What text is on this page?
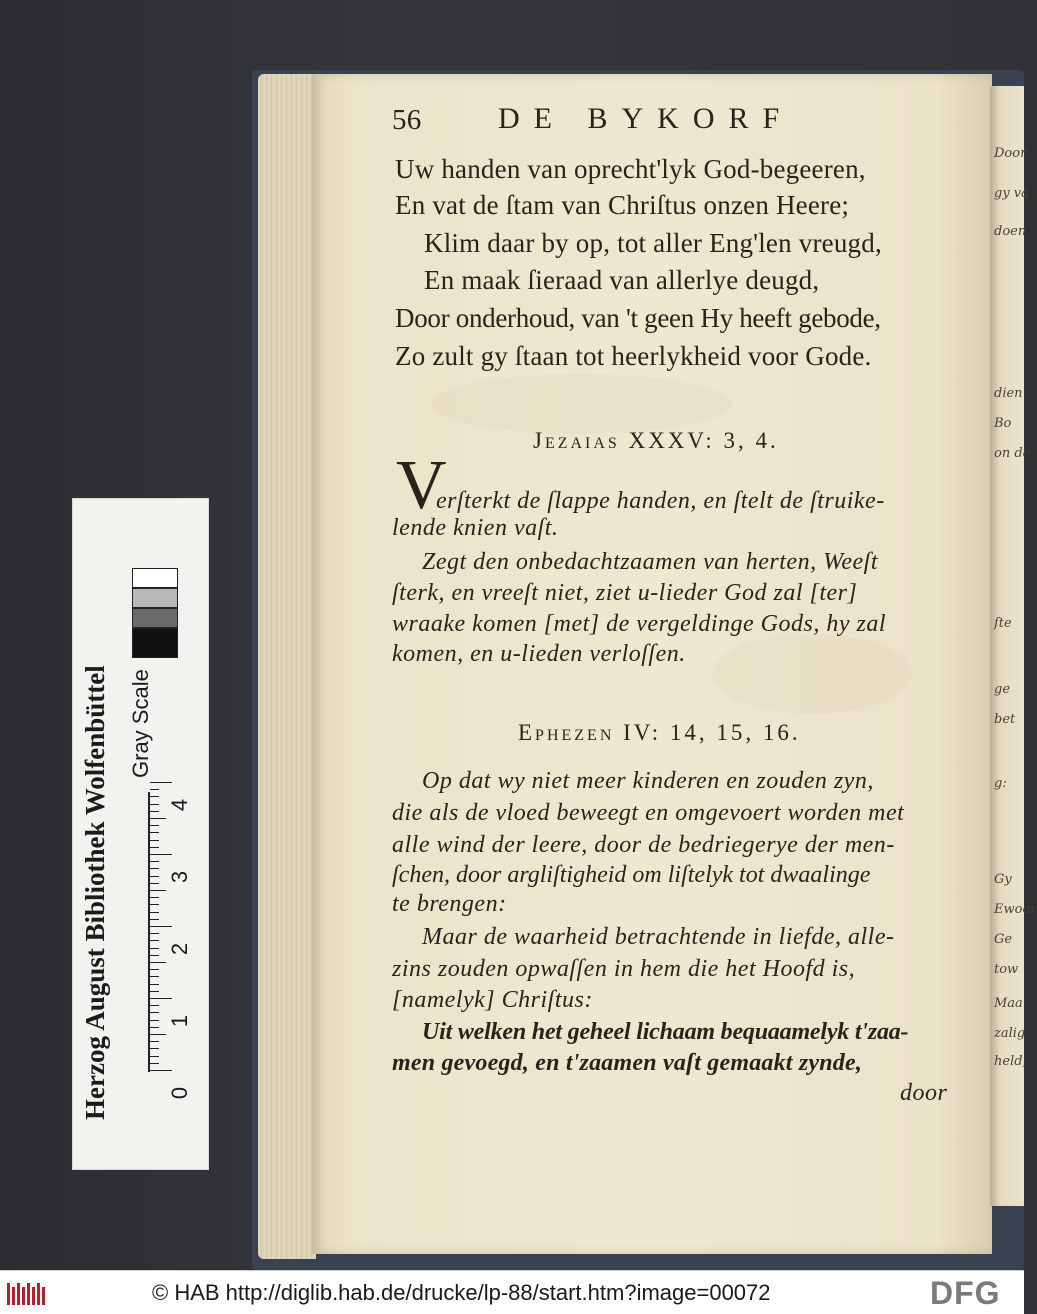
Door
gy va
doen
dien
Bo
on de
ſte
ge
bet
g:
Gy
Ewoor
Ge
tow
Maa
zalig
held,
56	DE BYKORF
Uw handen van oprecht'lyk God-begeeren,
En vat de ſtam van Chriſtus onzen Heere;
Klim daar by op, tot aller Eng'len vreugd,
En maak ſieraad van allerlye deugd,
Door onderhoud, van 't geen Hy heeft gebode,
Zo zult gy ſtaan tot heerlykheid voor Gode.
Jezaias XXXV: 3, 4.
V
erſterkt de ſlappe handen, en ſtelt de ſtruike-
lende knien vaſt.
Zegt den onbedachtzaamen van herten, Weeſt
ſterk, en vreeſt niet, ziet u-lieder God zal [ter]
wraake komen [met] de vergeldinge Gods, hy zal
komen, en u-lieden verloſſen.
Ephezen IV: 14, 15, 16.
Op dat wy niet meer kinderen en zouden zyn,
die als de vloed beweegt en omgevoert worden met
alle wind der leere, door de bedriegerye der men-
ſchen, door argliſtigheid om liſtelyk tot dwaalinge
te brengen:
Maar de waarheid betrachtende in liefde, alle-
zins zouden opwaſſen in hem die het Hoofd is,
[namelyk] Chriſtus:
Uit welken het geheel lichaam bequaamelyk t'zaa-
men gevoegd, en t'zaamen vaſt gemaakt zynde,
door
Herzog August Bibliothek Wolfenbüttel Gray Scale
0
1
2
3
4
© HAB http://diglib.hab.de/drucke/lp-88/start.htm?image=00072	DFG
